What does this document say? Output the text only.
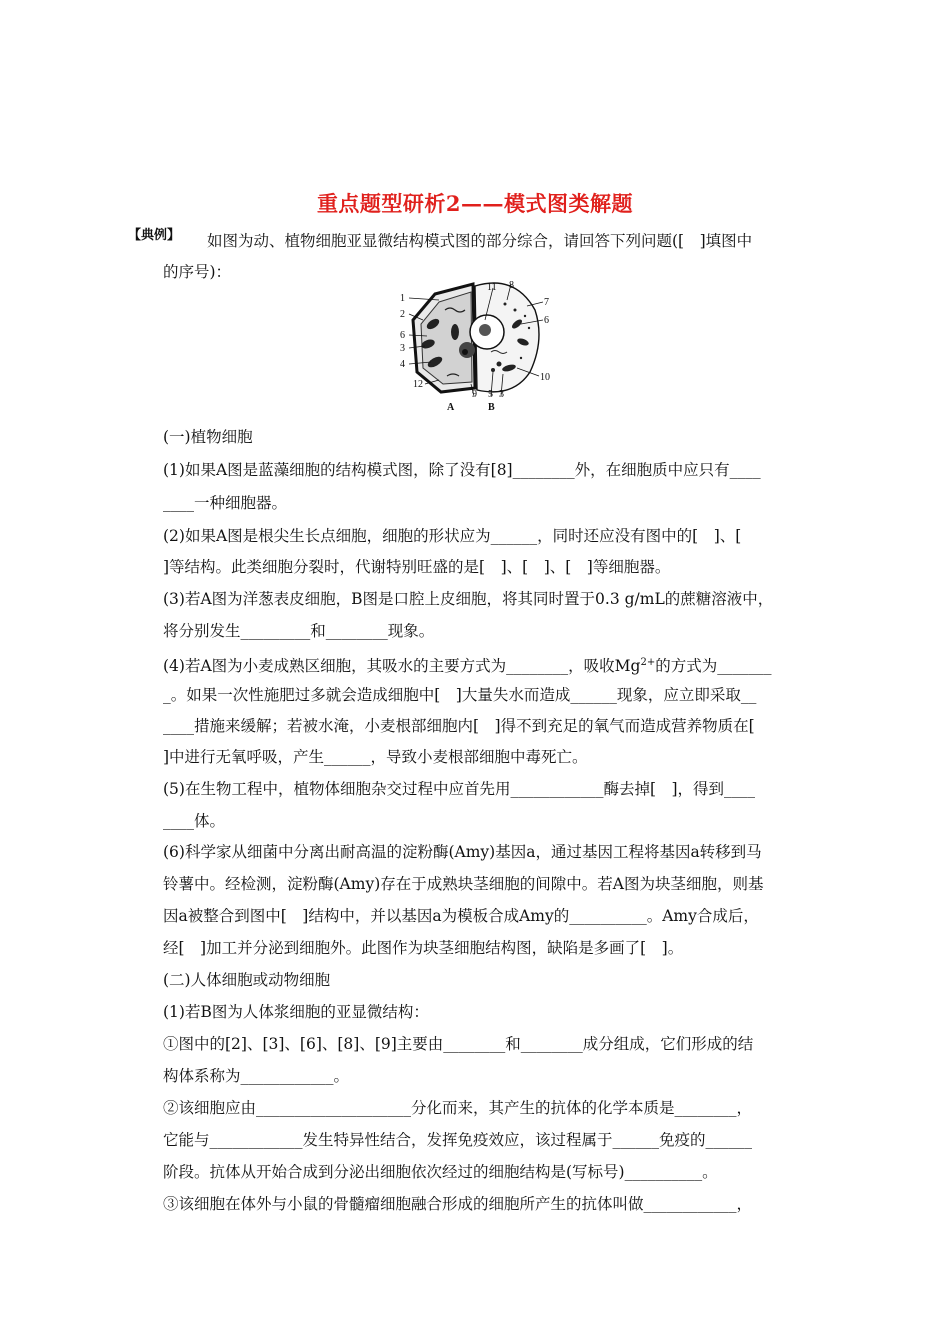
重点题型研析2——模式图类解题
【典例】 如图为动、植物细胞亚显微结构模式图的部分综合，请回答下列问题([　]填图中
的序号)：
1
2
6
3
4
12
11 8
7
6
10
9 5 3
A	B
(一)植物细胞
(1)如果A图是蓝藻细胞的结构模式图，除了没有[8]________外，在细胞质中应只有____
____一种细胞器。
(2)如果A图是根尖生长点细胞，细胞的形状应为______，同时还应没有图中的[　]、[
]等结构。此类细胞分裂时，代谢特别旺盛的是[　]、[　]、[　]等细胞器。
(3)若A图为洋葱表皮细胞，B图是口腔上皮细胞，将其同时置于0.3 g/mL的蔗糖溶液中，
将分别发生_________和________现象。
(4)若A图为小麦成熟区细胞，其吸水的主要方式为________，吸收$Mg^{2+}$的方式为_______
_。如果一次性施肥过多就会造成细胞中[　]大量失水而造成______现象，应立即采取__
____措施来缓解；若被水淹，小麦根部细胞内[　]得不到充足的氧气而造成营养物质在[
]中进行无氧呼吸，产生______，导致小麦根部细胞中毒死亡。
(5)在生物工程中，植物体细胞杂交过程中应首先用____________酶去掉[　]，得到____
____体。
(6)科学家从细菌中分离出耐高温的淀粉酶(Amy)基因a，通过基因工程将基因a转移到马
铃薯中。经检测，淀粉酶(Amy)存在于成熟块茎细胞的间隙中。若A图为块茎细胞，则基
因a被整合到图中[　]结构中，并以基因a为模板合成Amy的__________。Amy合成后，
经[　]加工并分泌到细胞外。此图作为块茎细胞结构图，缺陷是多画了[　]。
(二)人体细胞或动物细胞
(1)若B图为人体浆细胞的亚显微结构：
①图中的[2]、[3]、[6]、[8]、[9]主要由________和________成分组成，它们形成的结
构体系称为____________。
②该细胞应由____________________分化而来，其产生的抗体的化学本质是________，
它能与____________发生特异性结合，发挥免疫效应，该过程属于______免疫的______
阶段。抗体从开始合成到分泌出细胞依次经过的细胞结构是(写标号)__________。
③该细胞在体外与小鼠的骨髓瘤细胞融合形成的细胞所产生的抗体叫做____________，
